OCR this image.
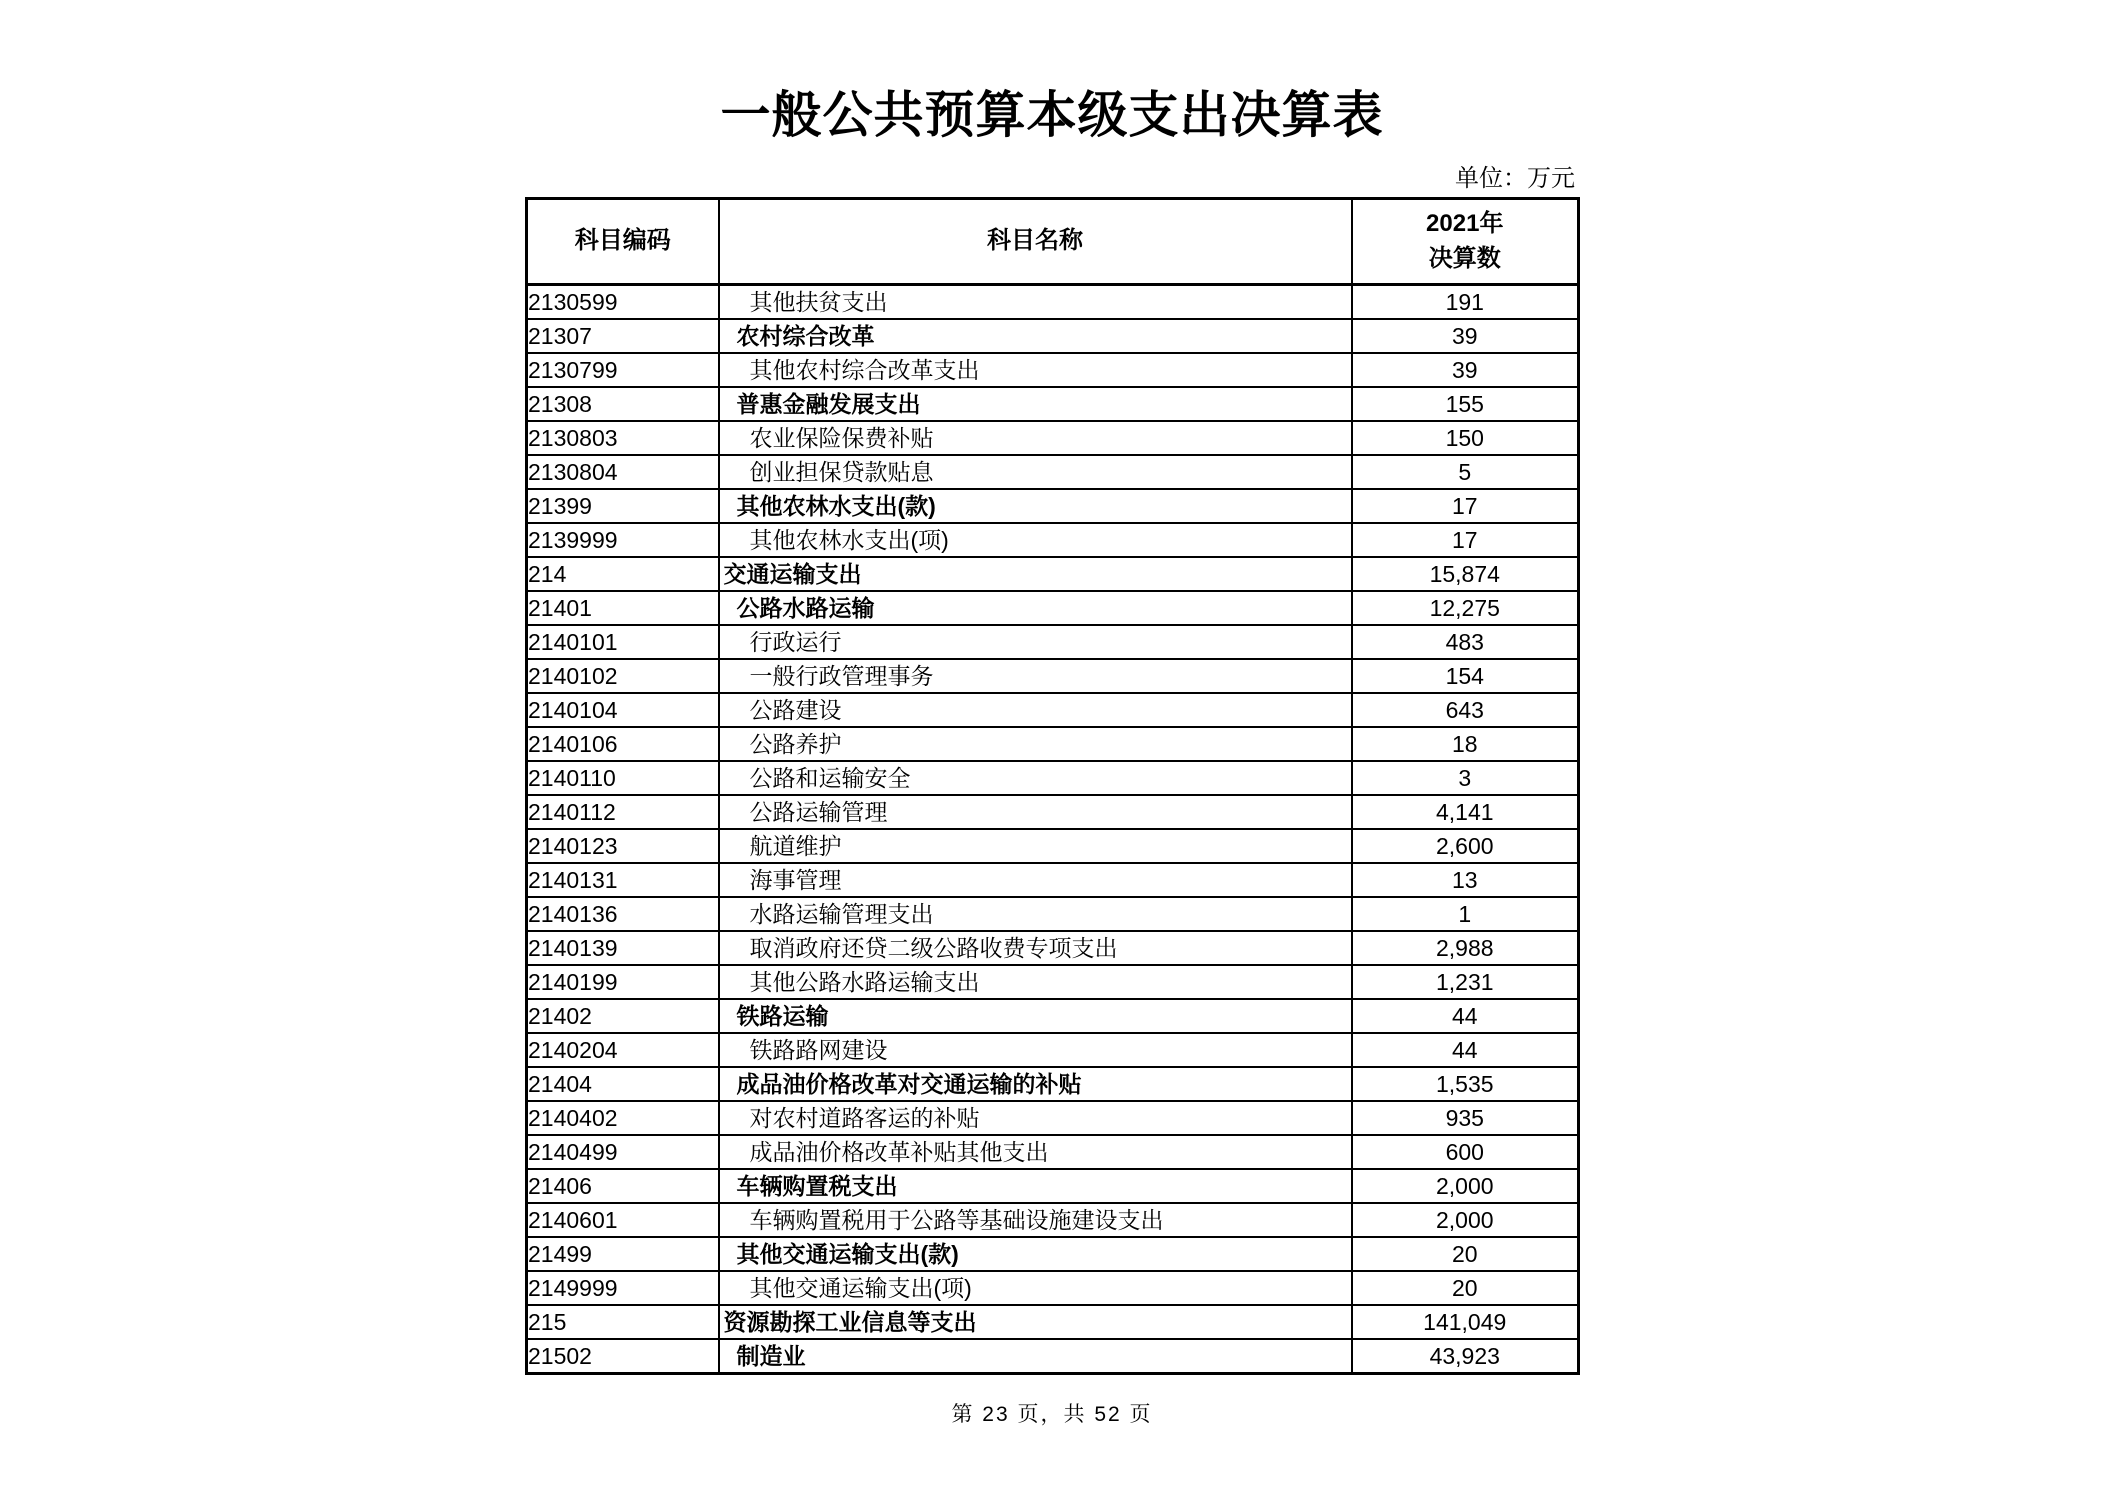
一般公共预算本级支出决算表
单位：万元
科目编码	科目名称	2021年
决算数
2130599	其他扶贫支出	191
21307	农村综合改革	39
2130799	其他农村综合改革支出	39
21308	普惠金融发展支出	155
2130803	农业保险保费补贴	150
2130804	创业担保贷款贴息	5
21399	其他农林水支出(款)	17
2139999	其他农林水支出(项)	17
214	交通运输支出	15,874
21401	公路水路运输	12,275
2140101	行政运行	483
2140102	一般行政管理事务	154
2140104	公路建设	643
2140106	公路养护	18
2140110	公路和运输安全	3
2140112	公路运输管理	4,141
2140123	航道维护	2,600
2140131	海事管理	13
2140136	水路运输管理支出	1
2140139	取消政府还贷二级公路收费专项支出	2,988
2140199	其他公路水路运输支出	1,231
21402	铁路运输	44
2140204	铁路路网建设	44
21404	成品油价格改革对交通运输的补贴	1,535
2140402	对农村道路客运的补贴	935
2140499	成品油价格改革补贴其他支出	600
21406	车辆购置税支出	2,000
2140601	车辆购置税用于公路等基础设施建设支出	2,000
21499	其他交通运输支出(款)	20
2149999	其他交通运输支出(项)	20
215	资源勘探工业信息等支出	141,049
21502	制造业	43,923
第 23 页，共 52 页
